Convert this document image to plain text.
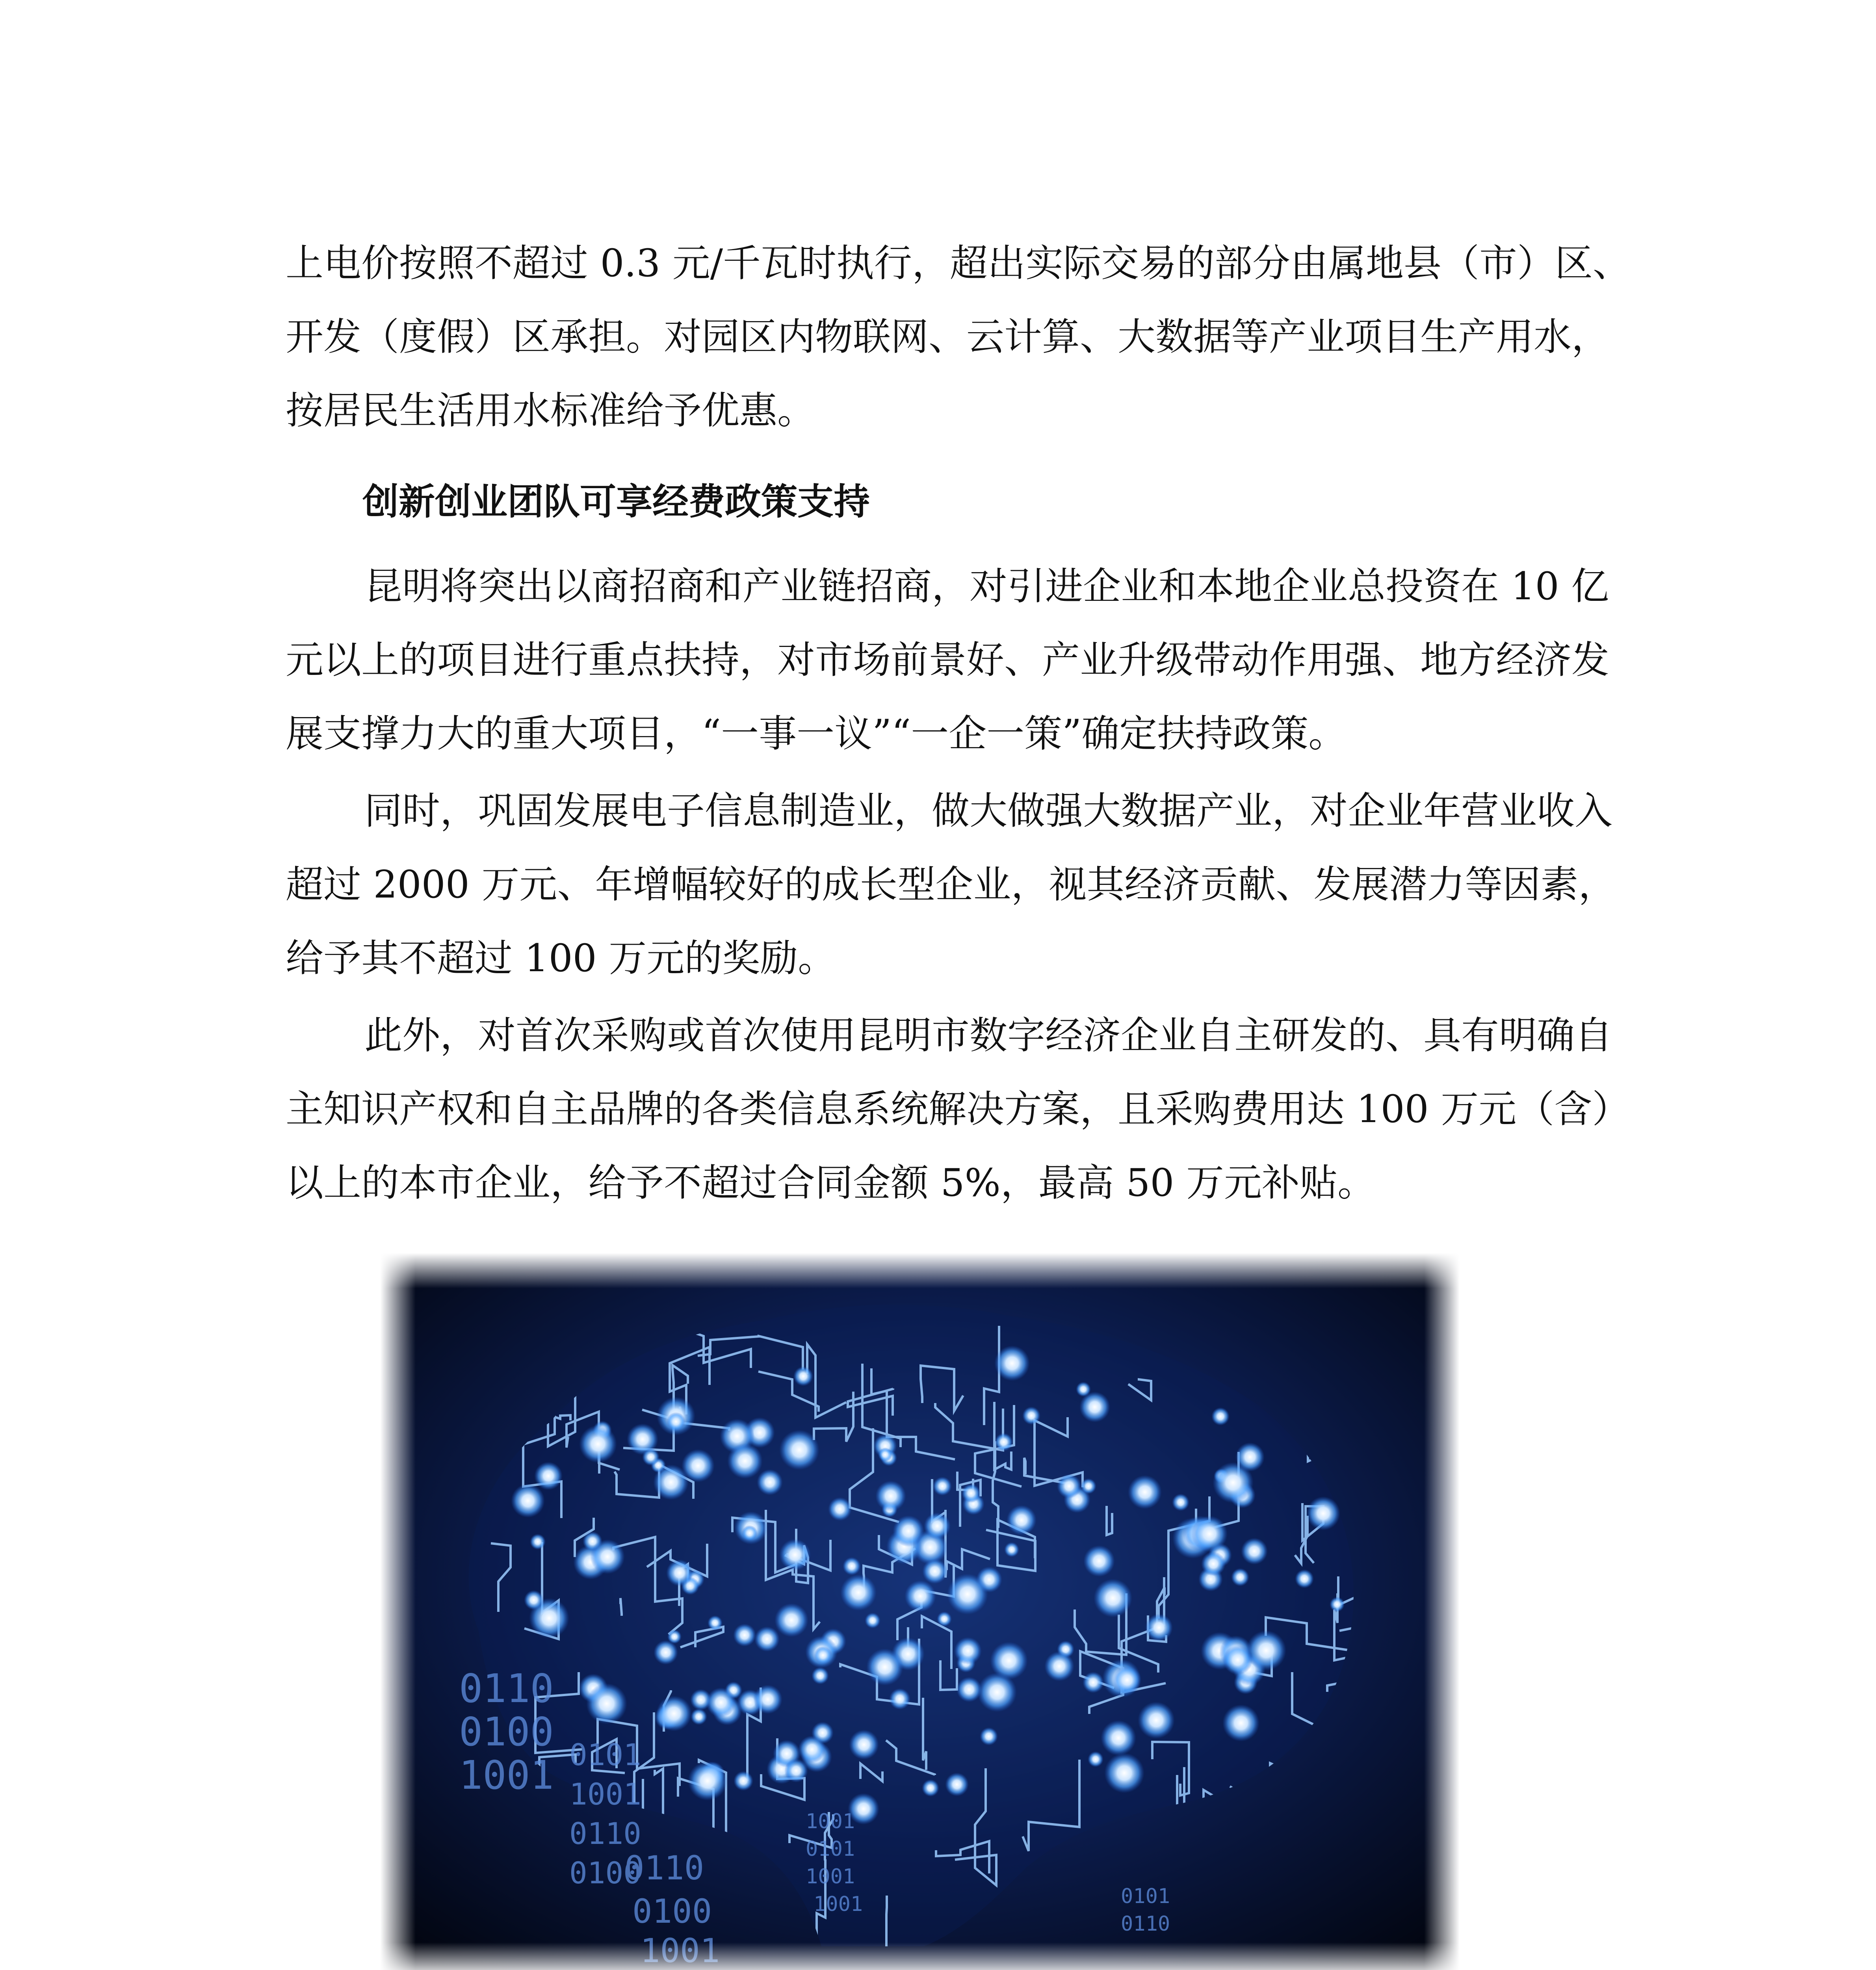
上电价按照不超过 0.3 元/千瓦时执行，超出实际交易的部分由属地县（市）区、
开发（度假）区承担。对园区内物联网、云计算、大数据等产业项目生产用水，
按居民生活用水标准给予优惠。
创新创业团队可享经费政策支持
昆明将突出以商招商和产业链招商，对引进企业和本地企业总投资在 10 亿
元以上的项目进行重点扶持，对市场前景好、产业升级带动作用强、地方经济发
展支撑力大的重大项目，“一事一议”“一企一策”确定扶持政策。
同时，巩固发展电子信息制造业，做大做强大数据产业，对企业年营业收入
超过 2000 万元、年增幅较好的成长型企业，视其经济贡献、发展潜力等因素，
给予其不超过 100 万元的奖励。
此外，对首次采购或首次使用昆明市数字经济企业自主研发的、具有明确自
主知识产权和自主品牌的各类信息系统解决方案，且采购费用达 100 万元（含）
以上的本市企业，给予不超过合同金额 5%，最高 50 万元补贴。
0110
0100
1001 0101
1001
0110
0100
0110
0100
1001
0101
1001
1001	0101
0110
